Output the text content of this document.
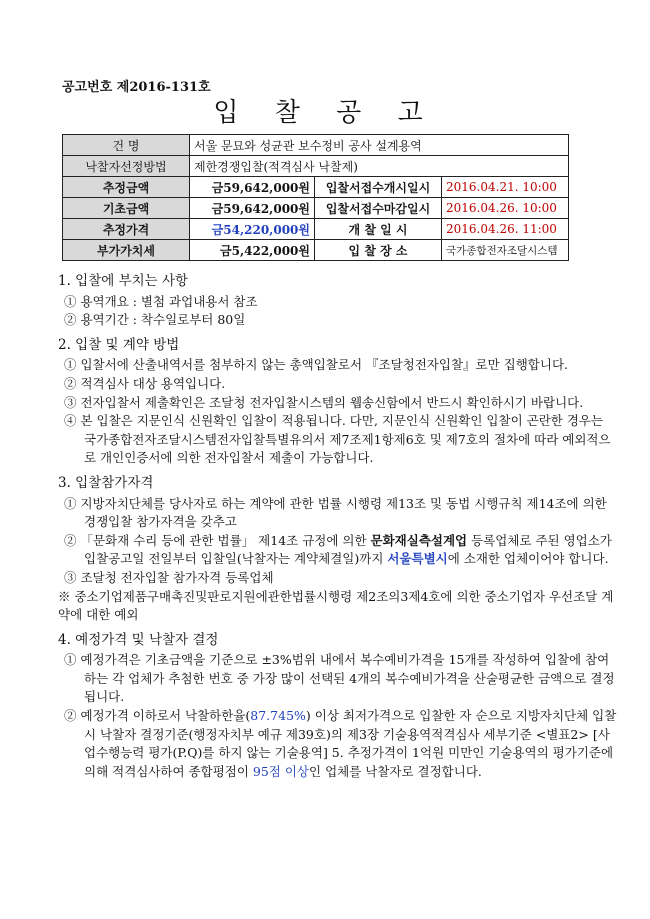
공고번호 제2016-131호
입 찰 공 고
건 명	서울 문묘와 성균관 보수정비 공사 설계용역		
낙찰자선정방법	제한경쟁입찰(적격심사 낙찰제)		
추정금액	금59,642,000원	입찰서접수개시일시	2016.04.21. 10:00
기초금액	금59,642,000원	입찰서접수마감일시	2016.04.26. 10:00
추정가격	금54,220,000원	개 찰 일 시	2016.04.26. 11:00
부가가치세	금5,422,000원	입 찰 장 소	국가종합전자조달시스템
1. 입찰에 부치는 사항
① 용역개요 : 별첨 과업내용서 참조
② 용역기간 : 착수일로부터 80일
2. 입찰 및 계약 방법
① 입찰서에 산출내역서를 첨부하지 않는 총액입찰로서 『조달청전자입찰』로만 집행합니다.
② 적격심사 대상 용역입니다.
③ 전자입찰서 제출확인은 조달청 전자입찰시스템의 웹송신함에서 반드시 확인하시기 바랍니다.
④ 본 입찰은 지문인식 신원확인 입찰이 적용됩니다. 다만, 지문인식 신원확인 입찰이 곤란한 경우는 국가종합전자조달시스템전자입찰특별유의서 제7조제1항제6호 및 제7호의 절차에 따라 예외적으로 개인인증서에 의한 전자입찰서 제출이 가능합니다.
3. 입찰참가자격
① 지방자치단체를 당사자로 하는 계약에 관한 법률 시행령 제13조 및 동법 시행규칙 제14조에 의한 경쟁입찰 참가자격을 갖추고
② 「문화재 수리 등에 관한 법률」 제14조 규정에 의한 문화재실측설계업 등록업체로 주된 영업소가 입찰공고일 전일부터 입찰일(낙찰자는 계약체결일)까지 서울특별시에 소재한 업체이어야 합니다.
③ 조달청 전자입찰 참가자격 등록업체
※ 중소기업제품구매촉진및판로지원에관한법률시행령 제2조의3제4호에 의한 중소기업자 우선조달 계약에 대한 예외
4. 예정가격 및 낙찰자 결정
① 예정가격은 기초금액을 기준으로 ±3%범위 내에서 복수예비가격을 15개를 작성하여 입찰에 참여하는 각 업체가 추첨한 번호 중 가장 많이 선택된 4개의 복수예비가격을 산술평균한 금액으로 결정됩니다.
② 예정가격 이하로서 낙찰하한율(87.745%) 이상 최저가격으로 입찰한 자 순으로 지방자치단체 입찰시 낙찰자 결정기준(행정자치부 예규 제39호)의 제3장 기술용역적격심사 세부기준 <별표2> [사업수행능력 평가(P.Q)를 하지 않는 기술용역] 5. 추정가격이 1억원 미만인 기술용역의 평가기준에 의해 적격심사하여 종합평점이 95점 이상인 업체를 낙찰자로 결정합니다.
